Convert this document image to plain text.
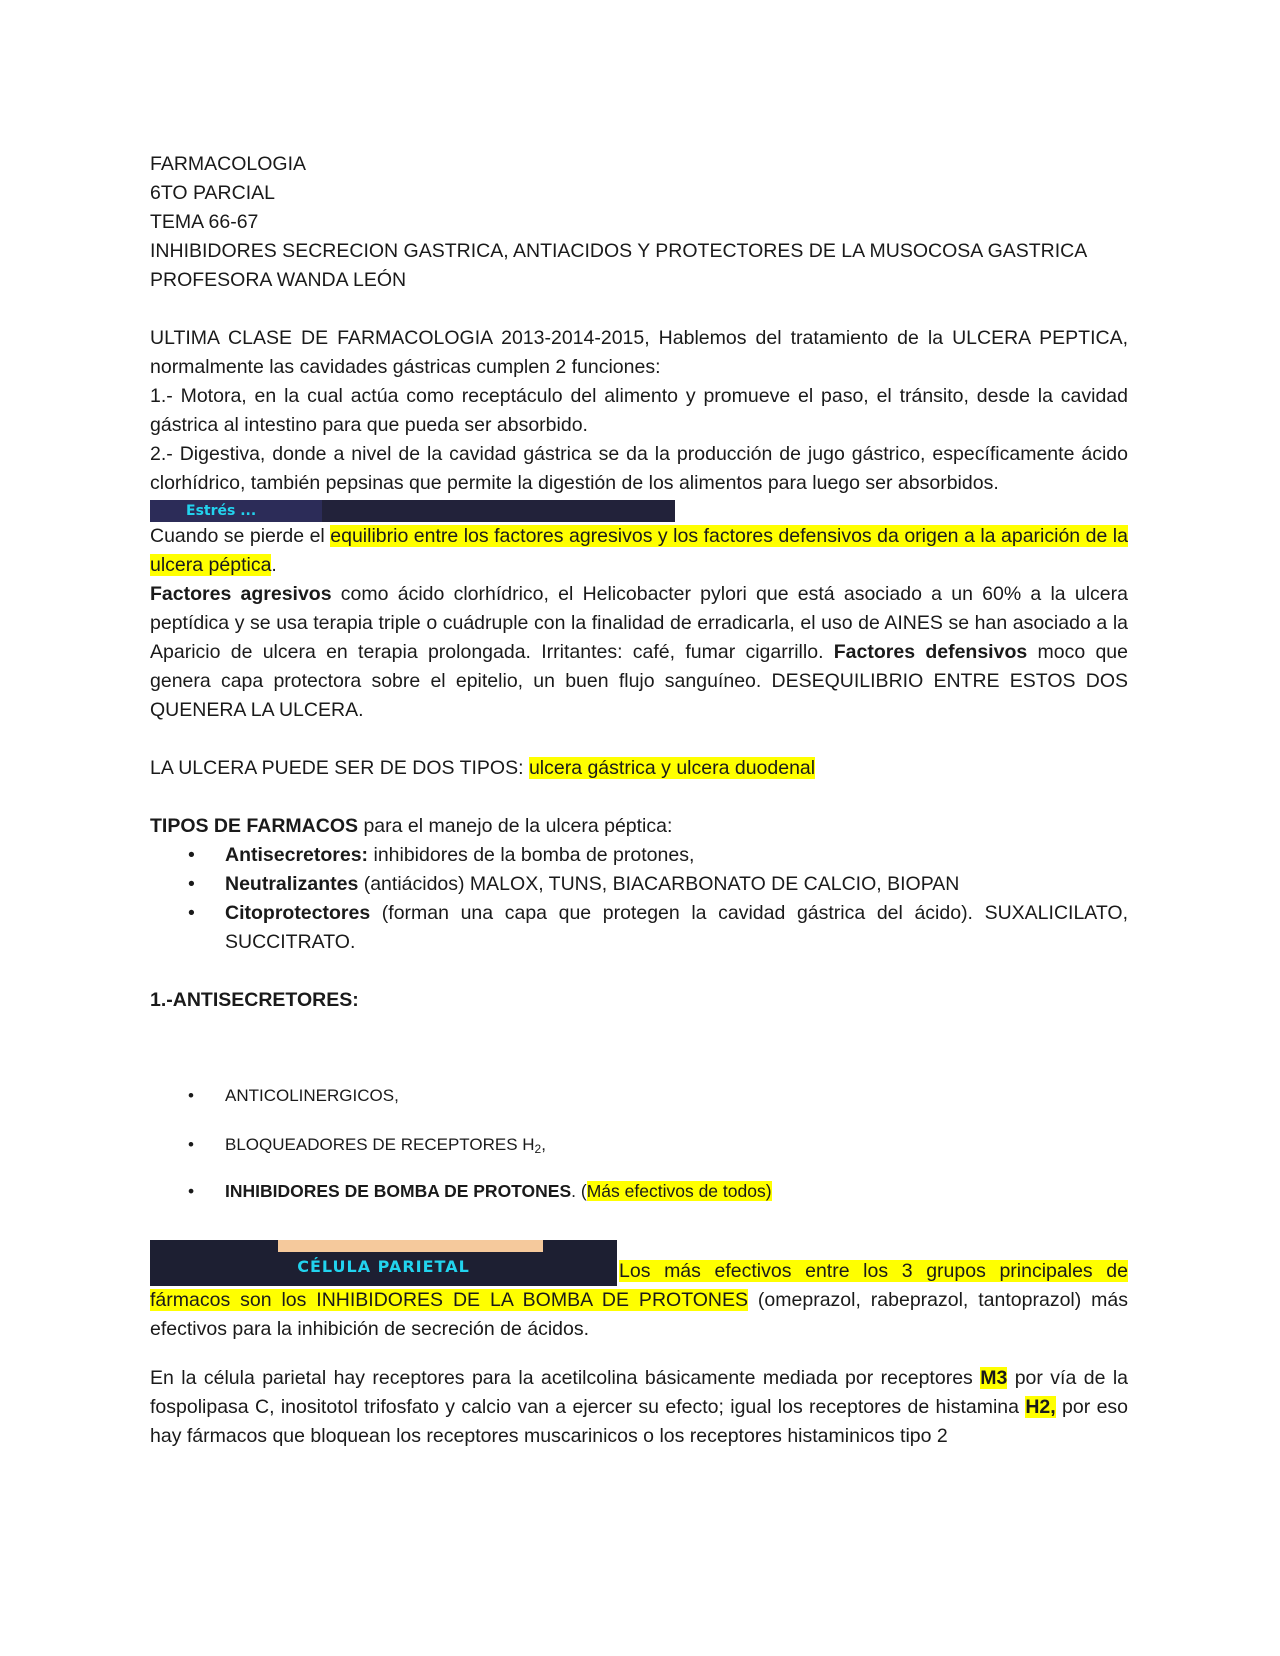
FARMACOLOGIA

6TO PARCIAL

TEMA 66-67

INHIBIDORES SECRECION GASTRICA, ANTIACIDOS Y PROTECTORES DE LA MUSOCOSA GASTRICA

PROFESORA WANDA LEÓN

ULTIMA CLASE DE FARMACOLOGIA 2013-2014-2015, Hablemos del tratamiento de la ULCERA PEPTICA, normalmente las cavidades gástricas cumplen 2 funciones:

1.- Motora, en la cual actúa como receptáculo del alimento y promueve el paso, el tránsito, desde la cavidad gástrica al intestino para que pueda ser absorbido.

2.- Digestiva, donde a nivel de la cavidad gástrica se da la producción de jugo gástrico, específicamente ácido clorhídrico, también pepsinas que permite la digestión de los alimentos para luego ser absorbidos.

Estrés ...

Cuando se pierde el equilibrio entre los factores agresivos y los factores defensivos da origen a la aparición de la ulcera péptica.

Factores agresivos como ácido clorhídrico, el Helicobacter pylori que está asociado a un 60% a la ulcera peptídica y se usa terapia triple o cuádruple con la finalidad de erradicarla, el uso de AINES se han asociado a la Aparicio de ulcera en terapia prolongada. Irritantes: café, fumar cigarrillo. Factores defensivos moco que genera capa protectora sobre el epitelio, un buen flujo sanguíneo. DESEQUILIBRIO ENTRE ESTOS DOS QUENERA LA ULCERA.

LA ULCERA PUEDE SER DE DOS TIPOS: ulcera gástrica y ulcera duodenal

TIPOS DE FARMACOS para el manejo de la ulcera péptica:

• Antisecretores: inhibidores de la bomba de protones,
• Neutralizantes (antiácidos) MALOX, TUNS, BIACARBONATO DE CALCIO, BIOPAN
• Citoprotectores (forman una capa que protegen la cavidad gástrica del ácido). SUXALICILATO, SUCCITRATO.

1.-ANTISECRETORES:

• ANTICOLINERGICOS,
• BLOQUEADORES DE RECEPTORES $H_2$,
• INHIBIDORES DE BOMBA DE PROTONES. (Más efectivos de todos)
CÉLULA PARIETAL	Los más efectivos entre los 3 grupos principales de fármacos son los INHIBIDORES DE LA BOMBA DE PROTONES (omeprazol, rabeprazol, tantoprazol) más efectivos para la inhibición de secreción de ácidos.

En la célula parietal hay receptores para la acetilcolina básicamente mediada por receptores M3 por vía de la fospolipasa C, inositotol trifosfato y calcio van a ejercer su efecto; igual los receptores de histamina H2, por eso hay fármacos que bloquean los receptores muscarinicos o los receptores histaminicos tipo 2
